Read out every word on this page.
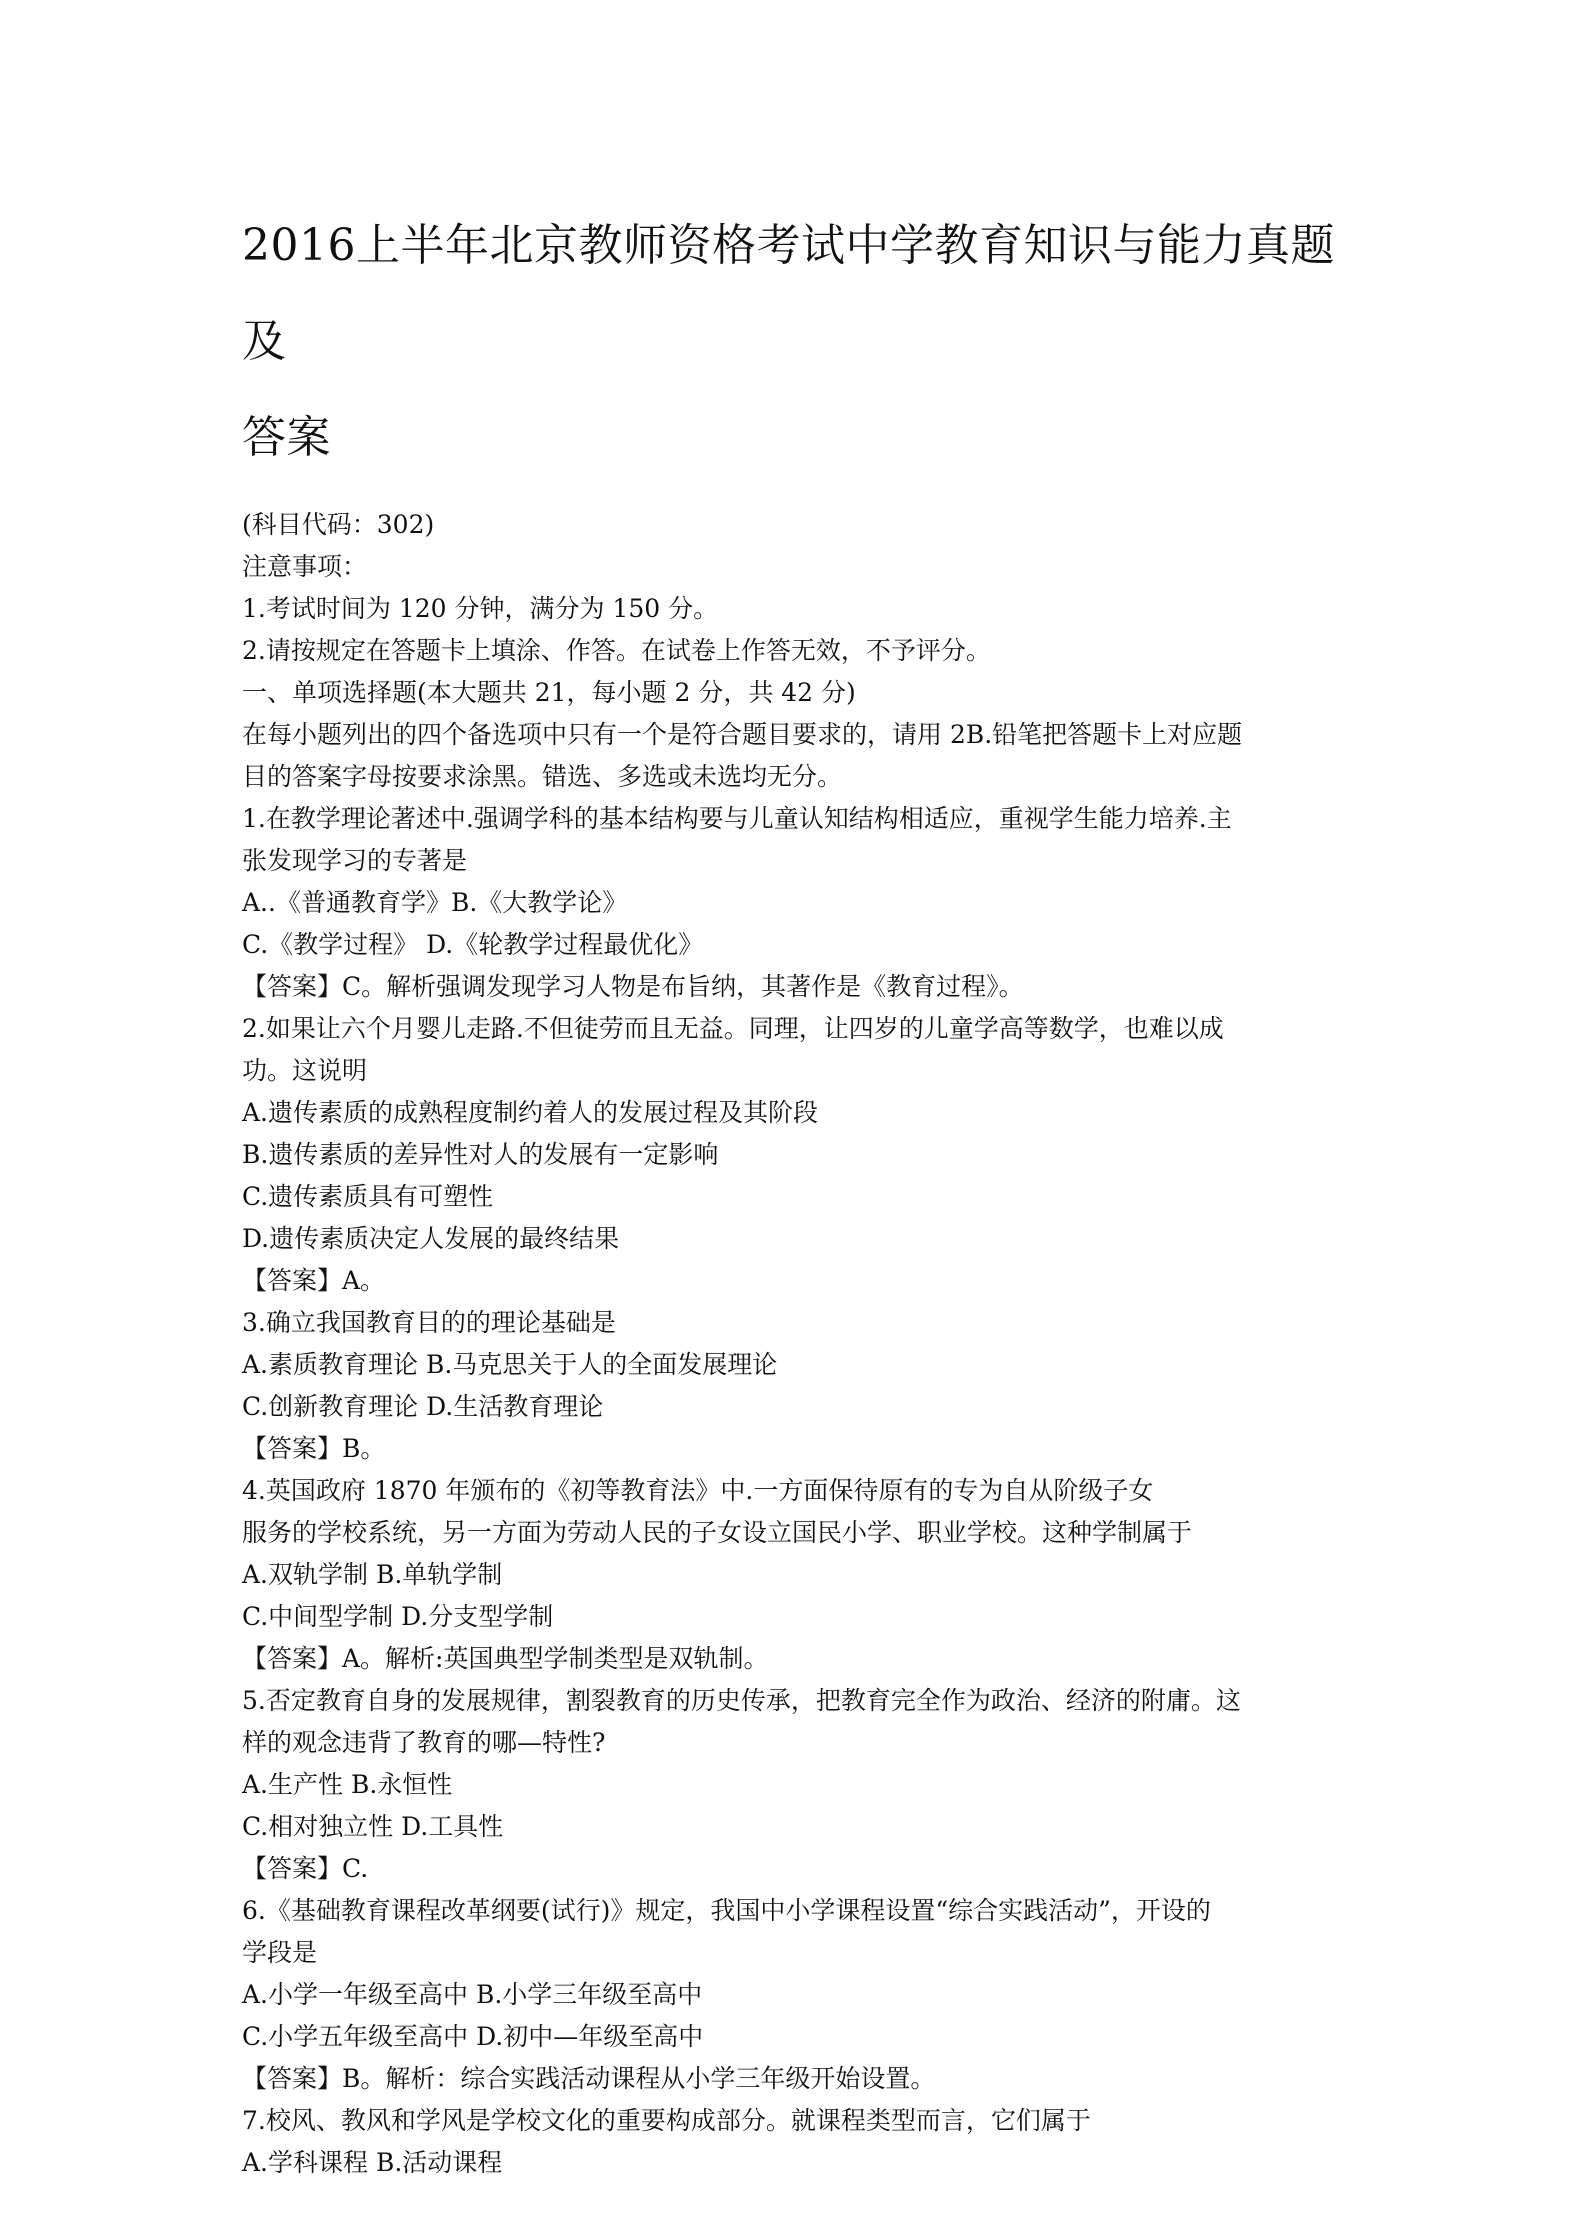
2016上半年北京教师资格考试中学教育知识与能力真题及
答案

(科目代码：302)

注意事项：

1.考试时间为 120 分钟，满分为 150 分。

2.请按规定在答题卡上填涂、作答。在试卷上作答无效，不予评分。

一、单项选择题(本大题共 21，每小题 2 分，共 42 分)

在每小题列出的四个备选项中只有一个是符合题目要求的，请用 2B.铅笔把答题卡上对应题

目的答案字母按要求涂黑。错选、多选或未选均无分。

1.在教学理论著述中.强调学科的基本结构要与儿童认知结构相适应，重视学生能力培养.主

张发现学习的专著是

A..《普通教育学》B.《大教学论》

C.《教学过程》 D.《轮教学过程最优化》

【答案】C。解析强调发现学习人物是布旨纳，其著作是《教育过程》。

2.如果让六个月婴儿走路.不但徒劳而且无益。同理，让四岁的儿童学高等数学，也难以成

功。这说明

A.遗传素质的成熟程度制约着人的发展过程及其阶段

B.遗传素质的差异性对人的发展有一定影响

C.遗传素质具有可塑性

D.遗传素质决定人发展的最终结果

【答案】A。

3.确立我国教育目的的理论基础是

A.素质教育理论 B.马克思关于人的全面发展理论

C.创新教育理论 D.生活教育理论

【答案】B。

4.英国政府 1870 年颁布的《初等教育法》中.一方面保待原有的专为自从阶级子女

服务的学校系统，另一方面为劳动人民的子女设立国民小学、职业学校。这种学制属于

A.双轨学制 B.单轨学制

C.中间型学制 D.分支型学制

【答案】A。解析:英国典型学制类型是双轨制。

5.否定教育自身的发展规律，割裂教育的历史传承，把教育完全作为政治、经济的附庸。这

样的观念违背了教育的哪—特性?

A.生产性 B.永恒性

C.相对独立性 D.工具性

【答案】C.

6.《基础教育课程改革纲要(试行)》规定，我国中小学课程设置“综合实践活动”，开设的

学段是

A.小学一年级至高中 B.小学三年级至高中

C.小学五年级至高中 D.初中—年级至高中

【答案】B。解析：综合实践活动课程从小学三年级开始设置。

7.校风、教风和学风是学校文化的重要构成部分。就课程类型而言，它们属于

A.学科课程 B.活动课程
